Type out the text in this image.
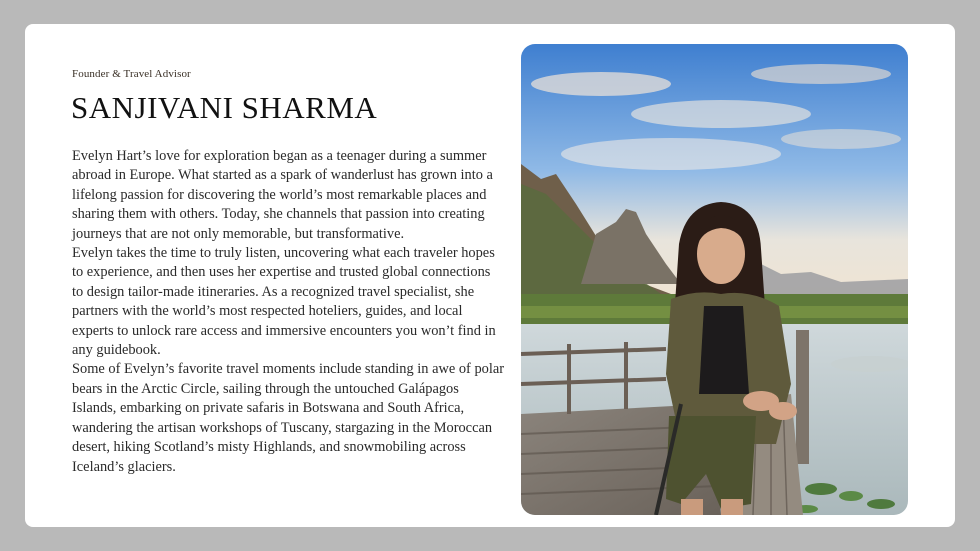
Founder & Travel Advisor
SANJIVANI SHARMA

Evelyn Hart’s love for exploration began as a teenager during a summer abroad in Europe. What started as a spark of wanderlust has grown into a lifelong passion for discovering the world’s most remarkable places and sharing them with others. Today, she channels that passion into creating journeys that are not only memorable, but transformative.

Evelyn takes the time to truly listen, uncovering what each traveler hopes to experience, and then uses her expertise and trusted global connections to design tailor-made itineraries. As a recognized travel specialist, she partners with the world’s most respected hoteliers, guides, and local experts to unlock rare access and immersive encounters you won’t find in any guidebook.

Some of Evelyn’s favorite travel moments include standing in awe of polar bears in the Arctic Circle, sailing through the untouched Galápagos Islands, embarking on private safaris in Botswana and South Africa, wandering the artisan workshops of Tuscany, stargazing in the Moroccan desert, hiking Scotland’s misty Highlands, and snowmobiling across Iceland’s glaciers.
